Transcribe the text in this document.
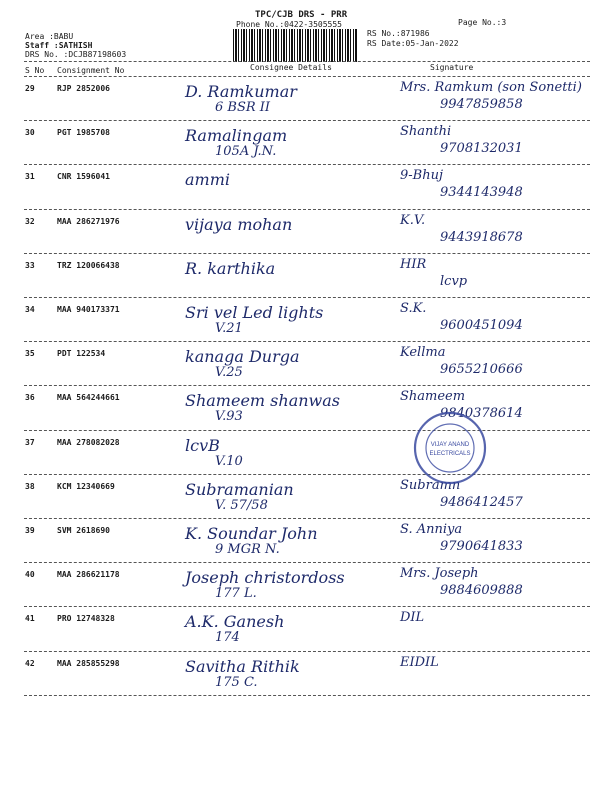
TPC/CJB DRS - PRR
Phone No.:0422-3505555	Page No.:3
RS No.:871986
RS Date:05-Jan-2022
Area :BABU
Staff :SATHISH
DRS No. :DCJB87198603
S No Consignment No	Consignee Details	Signature
29	RJP 2852006	D. Ramkumar
6 BSR II
Mrs. Ramkum (son Sonetti)
9947859858
30	PGT 1985708	Ramalingam
105A J.N.
Shanthi
9708132031
31	CNR 1596041	ammi	9-Bhuj
9344143948
32	MAA 286271976	vijaya mohan	K.V.
9443918678
33	TRZ 120066438	R. karthika	HIR
lcvp
34	MAA 940173371	Sri vel Led lights
V.21
S.K.
9600451094
35	PDT 122534	kanaga Durga
V.25
Kellma
9655210666
36	MAA 564244661	Shameem shanwas
V.93
Shameem
9840378614
37	MAA 278082028	lcvB
V.10
38	KCM 12340669	Subramanian
V. 57/58
Subramn
9486412457
39	SVM 2618690	K. Soundar John
9 MGR N.
S. Anniya
9790641833
40	MAA 286621178	Joseph christordoss
177 L.
Mrs. Joseph
9884609888
41	PRO 12748328	A.K. Ganesh
174
DIL
42	MAA 285855298	Savitha Rithik
175 C.
EIDIL
VIJAY ANAND
ELECTRICALS
